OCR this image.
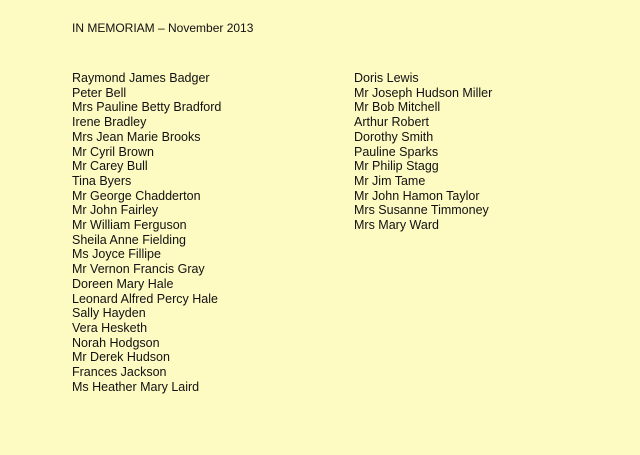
IN MEMORIAM – November 2013
Raymond James Badger
Peter Bell
Mrs Pauline Betty Bradford
Irene Bradley
Mrs Jean Marie Brooks
Mr Cyril Brown
Mr Carey Bull
Tina Byers
Mr George Chadderton
Mr John Fairley
Mr William Ferguson
Sheila Anne Fielding
Ms Joyce Fillipe
Mr Vernon Francis Gray
Doreen Mary Hale
Leonard Alfred Percy Hale
Sally Hayden
Vera Hesketh
Norah Hodgson
Mr Derek Hudson
Frances Jackson
Ms Heather Mary Laird
Doris Lewis
Mr Joseph Hudson Miller
Mr Bob Mitchell
Arthur Robert
Dorothy Smith
Pauline Sparks
Mr Philip Stagg
Mr Jim Tame
Mr John Hamon Taylor
Mrs Susanne Timmoney
Mrs Mary Ward
